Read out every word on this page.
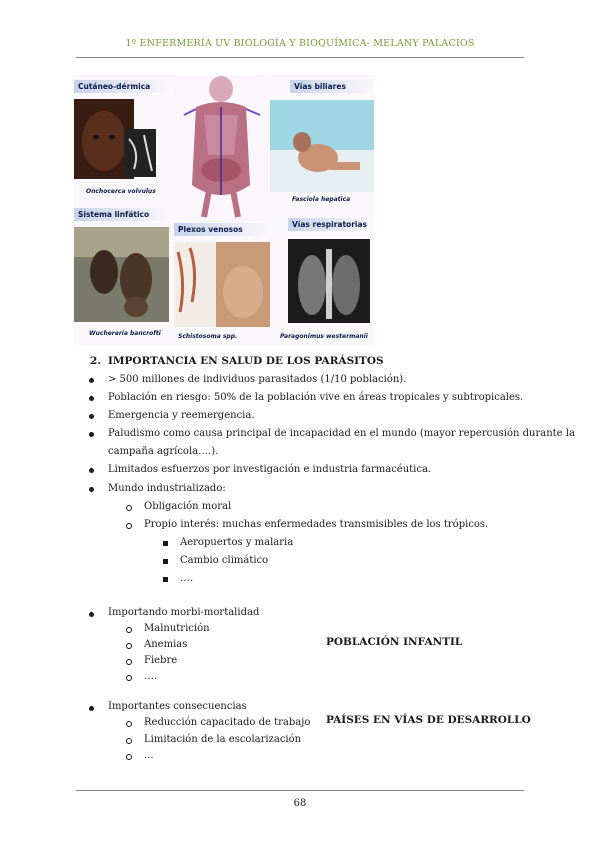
1º ENFERMERÍA UV BIOLOGÍA Y BIOQUÍMICA- MELANY PALACIOS
Cutáneo-dérmica
Onchocerca volvulus
Vías biliares
Fasciola hepatica
Sistema linfático
Wuchereria bancrofti
Plexos venosos
Schistosoma spp.
Vías respiratorias
Paragonimus westermanii
2. IMPORTANCIA EN SALUD DE LOS PARÁSITOS
> 500 millones de individuos parasitados (1/10 población).
Población en riesgo: 50% de la población vive en áreas tropicales y subtropicales.
Emergencia y reemergencia.
Paludismo como causa principal de incapacidad en el mundo (mayor repercusión durante la
campaña agrícola….).
Limitados esfuerzos por investigación e industria farmacéutica.
Mundo industrializado:
Obligación moral
Propio interés: muchas enfermedades transmisibles de los trópicos.
Aeropuertos y malaria
Cambio climático
….
Importando morbi-mortalidad
Malnutrición
Anemias
Fiebre
….
POBLACIÓN INFANTIL
Importantes consecuencias
Reducción capacitado de trabajo
Limitación de la escolarización
...
PAÍSES EN VÍAS DE DESARROLLO
68
